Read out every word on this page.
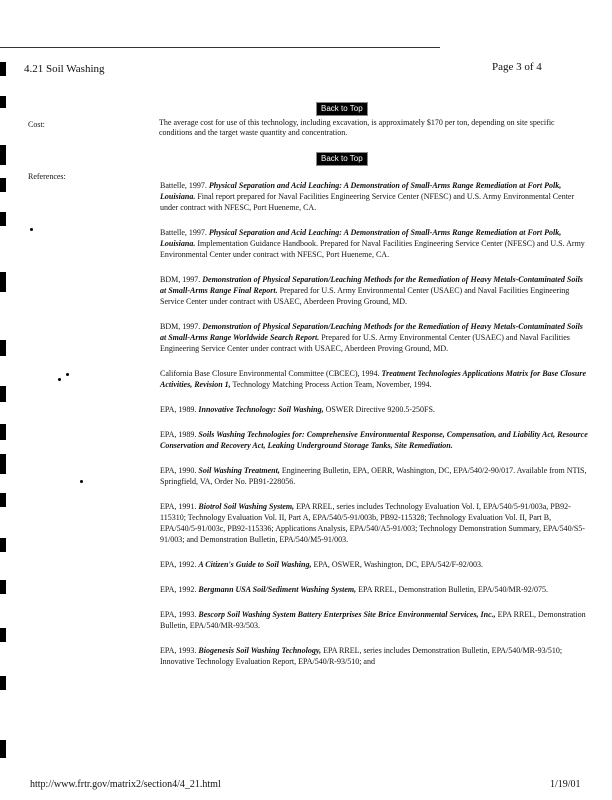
4.21 Soil Washing	Page 3 of 4
Back to Top
Cost:	The average cost for use of this technology, including excavation, is approximately $170 per ton, depending on site specific conditions and the target waste quantity and concentration.
Back to Top
References:

Battelle, 1997. Physical Separation and Acid Leaching: A Demonstration of Small-Arms Range Remediation at Fort Polk, Louisiana. Final report prepared for Naval Facilities Engineering Service Center (NFESC) and U.S. Army Environmental Center under contract with NFESC, Port Hueneme, CA.

Battelle, 1997. Physical Separation and Acid Leaching: A Demonstration of Small-Arms Range Remediation at Fort Polk, Louisiana. Implementation Guidance Handbook. Prepared for Naval Facilities Engineering Service Center (NFESC) and U.S. Army Environmental Center under contract with NFESC, Port Hueneme, CA.

BDM, 1997. Demonstration of Physical Separation/Leaching Methods for the Remediation of Heavy Metals-Contaminated Soils at Small-Arms Range Final Report. Prepared for U.S. Army Environmental Center (USAEC) and Naval Facilities Engineering Service Center under contract with USAEC, Aberdeen Proving Ground, MD.

BDM, 1997. Demonstration of Physical Separation/Leaching Methods for the Remediation of Heavy Metals-Contaminated Soils at Small-Arms Range Worldwide Search Report. Prepared for U.S. Army Environmental Center (USAEC) and Naval Facilities Engineering Service Center under contract with USAEC, Aberdeen Proving Ground, MD.

California Base Closure Environmental Committee (CBCEC), 1994. Treatment Technologies Applications Matrix for Base Closure Activities, Revision 1, Technology Matching Process Action Team, November, 1994.

EPA, 1989. Innovative Technology: Soil Washing, OSWER Directive 9200.5-250FS.

EPA, 1989. Soils Washing Technologies for: Comprehensive Environmental Response, Compensation, and Liability Act, Resource Conservation and Recovery Act, Leaking Underground Storage Tanks, Site Remediation.

EPA, 1990. Soil Washing Treatment, Engineering Bulletin, EPA, OERR, Washington, DC, EPA/540/2-90/017. Available from NTIS, Springfield, VA, Order No. PB91-228056.

EPA, 1991. Biotrol Soil Washing System, EPA RREL, series includes Technology Evaluation Vol. I, EPA/540/5-91/003a, PB92-115310; Technology Evaluation Vol. II, Part A, EPA/540/5-91/003b, PB92-115328; Technology Evaluation Vol. II, Part B, EPA/540/5-91/003c, PB92-115336; Applications Analysis, EPA/540/A5-91/003; Technology Demonstration Summary, EPA/540/S5-91/003; and Demonstration Bulletin, EPA/540/M5-91/003.

EPA, 1992. A Citizen's Guide to Soil Washing, EPA, OSWER, Washington, DC, EPA/542/F-92/003.

EPA, 1992. Bergmann USA Soil/Sediment Washing System, EPA RREL, Demonstration Bulletin, EPA/540/MR-92/075.

EPA, 1993. Bescorp Soil Washing System Battery Enterprises Site Brice Environmental Services, Inc., EPA RREL, Demonstration Bulletin, EPA/540/MR-93/503.

EPA, 1993. Biogenesis Soil Washing Technology, EPA RREL, series includes Demonstration Bulletin, EPA/540/MR-93/510; Innovative Technology Evaluation Report, EPA/540/R-93/510; and

http://www.frtr.gov/matrix2/section4/4_21.html	1/19/01
